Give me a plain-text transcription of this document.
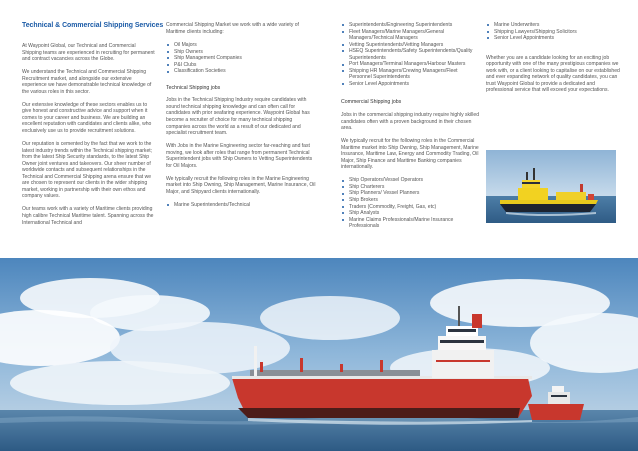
Technical & Commercial Shipping Services

At Waypoint Global, our Technical and Commercial Shipping teams are experienced in recruiting for permanent and contract vacancies across the Globe.

We understand the Technical and Commercial Shipping Recruitment market, and alongside our extensive experience we have demonstrable technical knowledge of the various roles in this sector.

Our extensive knowledge of these sectors enables us to give honest and constructive advice and support when it comes to your career and business. We are building an excellent reputation with candidates and clients alike, who exclusively use us to provide recruitment solutions.

Our reputation is cemented by the fact that we work to the latest industry trends within the Technical shipping market; from the latest Ship Security standards, to the latest Ship Owner joint ventures and takeovers. Our sheer number of worldwide contacts and subsequent relationships in the Technical and Commercial Shipping arena ensure that we are chosen to represent our clients in the wider shipping market, working in partnership with their own ethos and company values.

Our teams work with a variety of Maritime clients providing high calibre Technical Maritime talent. Spanning across the International Technical and

Commercial Shipping Market we work with a wide variety of Maritime clients including:

Oil Majors
Ship Owners
Ship Management Companies
P&I Clubs
Classification Societies
Technical Shipping jobs

Jobs in the Technical Shipping Industry require candidates with sound technical shipping knowledge and can often call for candidates with prior seafaring experience. Waypoint Global has become a recruiter of choice for many technical shipping companies across the world as a result of our dedicated and specialist recruitment team.

With Jobs in the Marine Engineering sector far-reaching and fast moving, we look after roles that range from permanent Technical Superintendent jobs with Ship Owners to Vetting Superintendents for Oil Majors.

We typically recruit the following roles in the Marine Engineering market into Ship Owning, Ship Management, Marine Insurance, Oil Major, and Shipyard clients internationally.

Marine Superintendents/Technical
Superintendents/Engineering Superintendents
Fleet Managers/Marine Managers/General Managers/Technical Managers
Vetting Superintendents/Vetting Managers
HSEQ Superintendents/Safety Superintendents/Quality Superintendents
Port Managers/Terminal Managers/Harbour Masters
Shipping HR Managers/Crewing Managers/Fleet Personnel Superintendents
Senior Level Appointments
Commercial Shipping jobs

Jobs in the commercial shipping industry require highly skilled candidates often with a proven background in their chosen area.

We typically recruit for the following roles in the Commercial Maritime market into Ship Owning, Ship Management, Marine Insurance, Maritime Law, Energy and Commodity Trading, Oil Major, Ship Finance and Maritime Banking companies internationally.

Ship Operators/Vessel Operators
Ship Charterers
Ship Planners/ Vessel Planners
Ship Brokers
Traders (Commodity, Freight, Gas, etc)
Ship Analysts
Marine Claims Professionals/Marine Insurance Professionals
Marine Underwriters
Shipping Lawyers/Shipping Solicitors
Senior Level Appointments

Whether you are a candidate looking for an exciting job opportunity with one of the many prestigious companies we work with, or a client looking to capitalise on our established and ever expanding network of quality candidates, you can trust Waypoint Global to provide a dedicated and professional service that will exceed your expectations.
